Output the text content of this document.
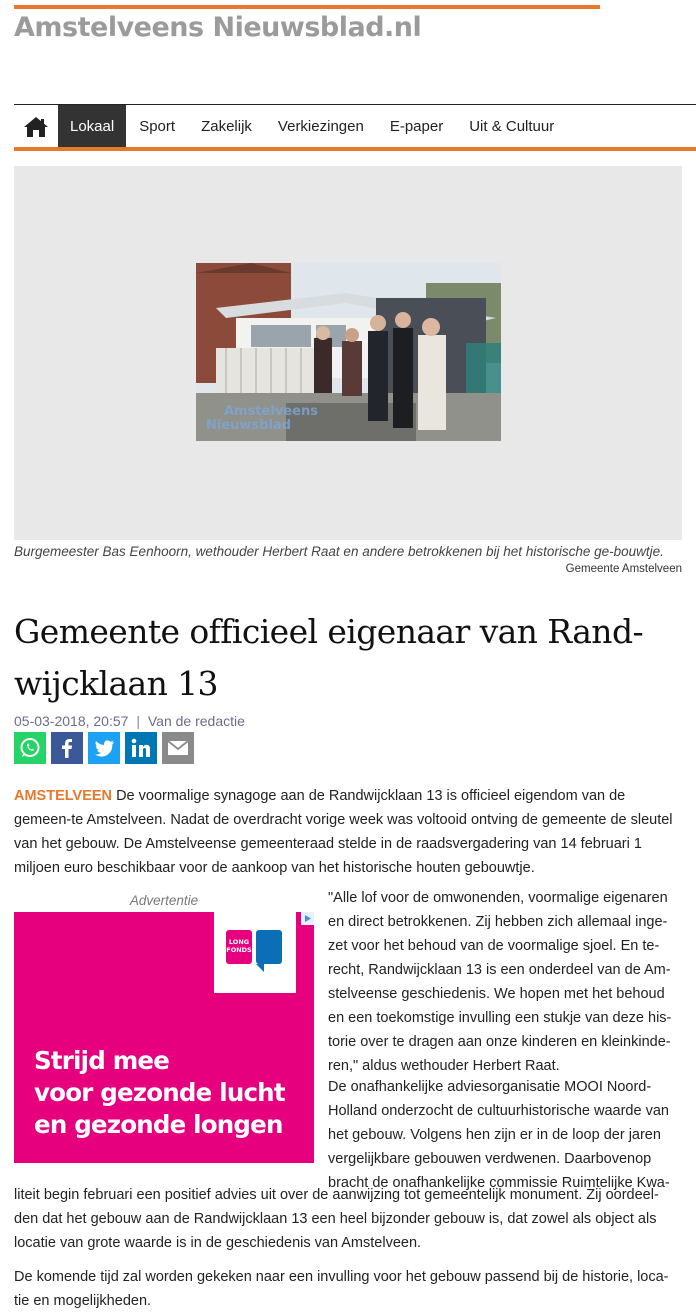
Amstelveens Nieuwsblad.nl
Lokaal	Sport	Zakelijk	Verkiezingen	E-paper	Uit & Cultuur
Amstelveens
Nieuwsblad

Burgemeester Bas Eenhoorn, wethouder Herbert Raat en andere betrokkenen bij het historische ge-bouwtje.

Gemeente Amstelveen
Gemeente officieel eigenaar van Rand-wijcklaan 13
05-03-2018, 20:57 | Van de redactie

AMSTELVEEN De voormalige synagoge aan de Randwijcklaan 13 is officieel eigendom van de gemeen-te Amstelveen. Nadat de overdracht vorige week was voltooid ontving de gemeente de sleutel van het gebouw. De Amstelveense gemeenteraad stelde in de raadsvergadering van 14 februari 1 miljoen euro beschikbaar voor de aankoop van het historische houten gebouwtje.

Advertentie
LONG
FONDS

Strijd mee
voor gezonde lucht
en gezonde longen

"Alle lof voor de omwonenden, voormalige eigenaren en direct betrokkenen. Zij hebben zich allemaal inge-zet voor het behoud van de voormalige sjoel. En te-recht, Randwijcklaan 13 is een onderdeel van de Am-stelveense geschiedenis. We hopen met het behoud en een toekomstige invulling een stukje van deze his-torie over te dragen aan onze kinderen en kleinkinde-ren," aldus wethouder Herbert Raat.

De onafhankelijke adviesorganisatie MOOI Noord-Holland onderzocht de cultuurhistorische waarde van het gebouw. Volgens hen zijn er in de loop der jaren vergelijkbare gebouwen verdwenen. Daarbovenop bracht de onafhankelijke commissie Ruimtelijke Kwa-

liteit begin februari een positief advies uit over de aanwijzing tot gemeentelijk monument. Zij oordeel-den dat het gebouw aan de Randwijcklaan 13 een heel bijzonder gebouw is, dat zowel als object als locatie van grote waarde is in de geschiedenis van Amstelveen.

De komende tijd zal worden gekeken naar een invulling voor het gebouw passend bij de historie, loca-tie en mogelijkheden.
